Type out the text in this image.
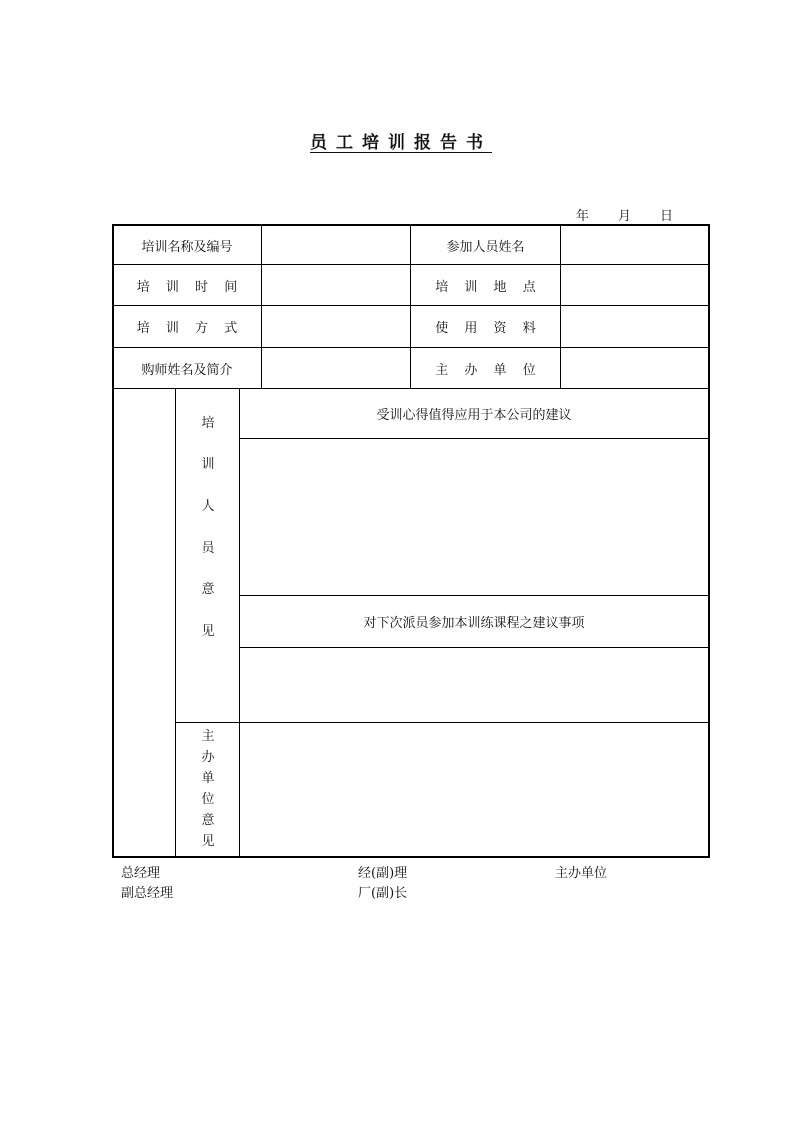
员工培训报告书
年 月 日
培训名称及编号	参加人员姓名
培 训 时 间	培 训 地 点
培 训 方 式	使 用 资 料
购师姓名及简介	主 办 单 位
培
训
人
员
意
见
受训心得值得应用于本公司的建议
对下次派员参加本训练课程之建议事项
主
办
单
位
意
见
总经理	经(副)理	主办单位
副总经理	厂(副)长
